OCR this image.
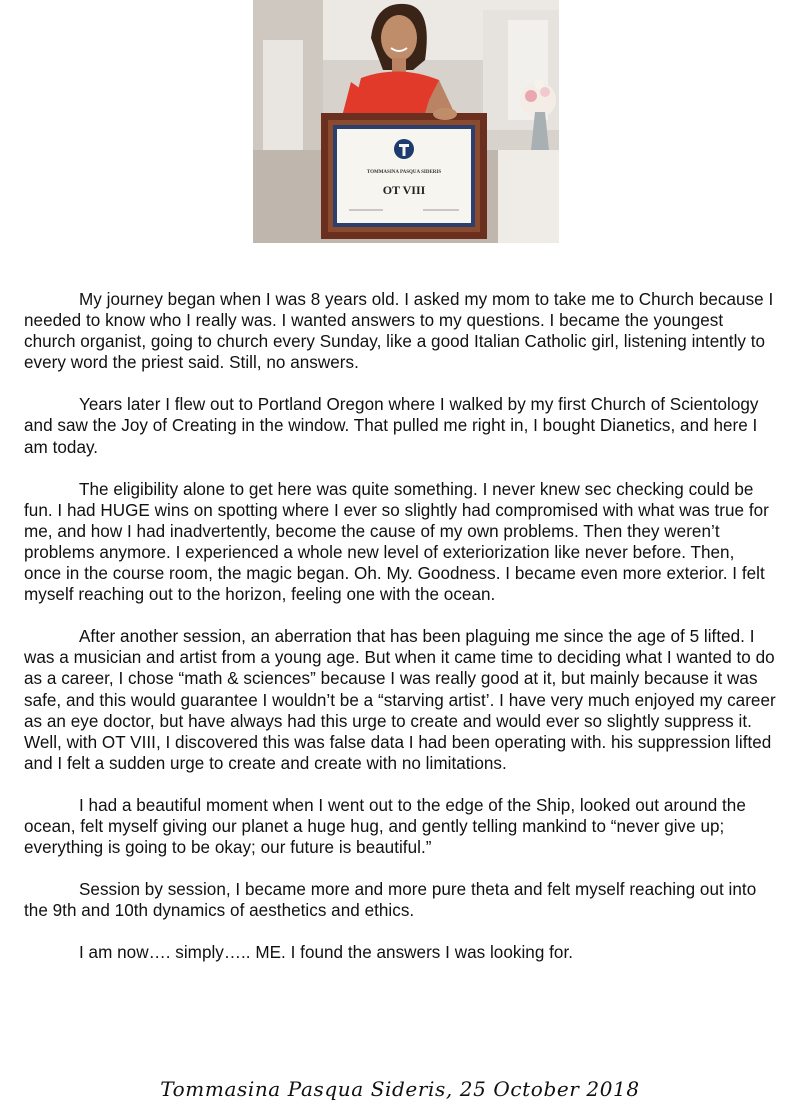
TOMMASINA PASQUA SIDERIS
OT VIII

My journey began when I was 8 years old. I asked my mom to take me to Church because I needed to know who I really was. I wanted answers to my questions. I became the youngest church organist, going to church every Sunday, like a good Italian Catholic girl, listening intently to every word the priest said. Still, no answers.

Years later I flew out to Portland Oregon where I walked by my first Church of Scientology and saw the Joy of Creating in the window. That pulled me right in, I bought Dianetics, and here I am today.

The eligibility alone to get here was quite something. I never knew sec checking could be fun. I had HUGE wins on spotting where I ever so slightly had compromised with what was true for me, and how I had inadvertently, become the cause of my own problems. Then they weren’t problems anymore. I experienced a whole new level of exteriorization like never before. Then, once in the course room, the magic began. Oh. My. Goodness. I became even more exterior. I felt myself reaching out to the horizon, feeling one with the ocean.

After another session, an aberration that has been plaguing me since the age of 5 lifted. I was a musician and artist from a young age. But when it came time to deciding what I wanted to do as a career, I chose “math & sciences” because I was really good at it, but mainly because it was safe, and this would guarantee I wouldn’t be a “starving artist’. I have very much enjoyed my career as an eye doctor, but have always had this urge to create and would ever so slightly suppress it. Well, with OT VIII, I discovered this was false data I had been operating with. his suppression lifted and I felt a sudden urge to create and create with no limitations.

I had a beautiful moment when I went out to the edge of the Ship, looked out around the ocean, felt myself giving our planet a huge hug, and gently telling mankind to “never give up; everything is going to be okay; our future is beautiful.”

Session by session, I became more and more pure theta and felt myself reaching out into the 9th and 10th dynamics of aesthetics and ethics.

I am now…. simply….. ME. I found the answers I was looking for.

Tommasina Pasqua Sideris, 25 October 2018
